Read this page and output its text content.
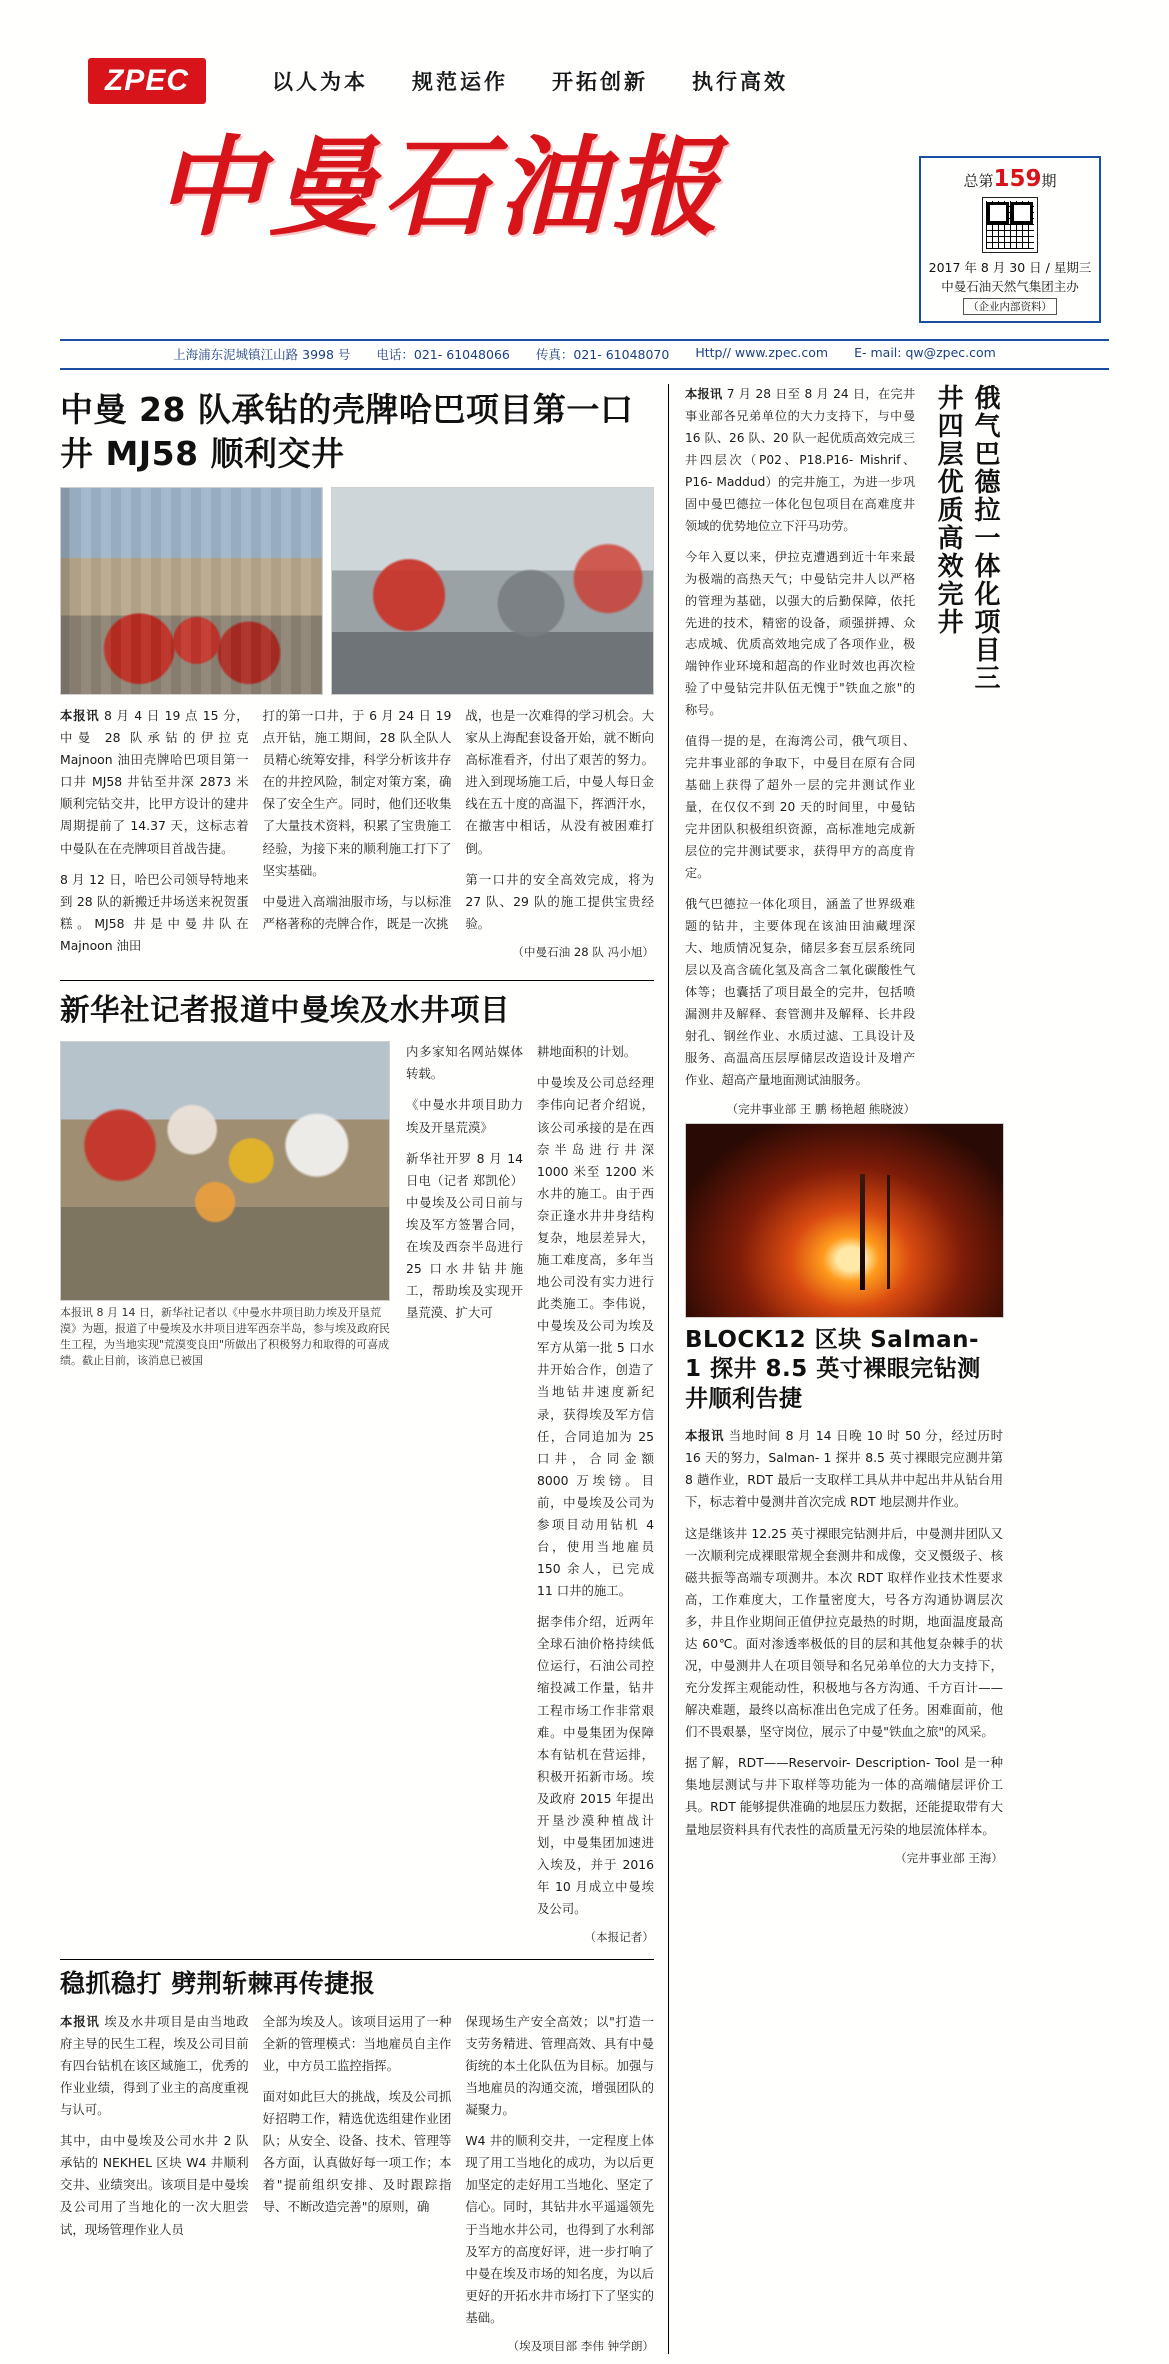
ZPEC	以人为本 规范运作 开拓创新 执行高效
中曼石油报	总第159期
2017 年 8 月 30 日 / 星期三
中曼石油天然气集团主办
（企业内部资料）
上海浦东泥城镇江山路 3998 号 电话：021- 61048066 传真：021- 61048070 Http// www.zpec.com E- mail: qw@zpec.com
中曼 28 队承钻的壳牌哈巴项目第一口井 MJ58 顺利交井

本报讯 8 月 4 日 19 点 15 分，中曼 28 队承钻的伊拉克 Majnoon 油田壳牌哈巴项目第一口井 MJ58 井钻至井深 2873 米顺利完钻交井，比甲方设计的建井周期提前了 14.37 天，这标志着中曼队在在壳牌项目首战告捷。

8 月 12 日，哈巴公司领导特地来到 28 队的新搬迁井场送来祝贺蛋糕。MJ58 井是中曼井队在 Majnoon 油田

打的第一口井，于 6 月 24 日 19 点开钻，施工期间，28 队全队人员精心统筹安排，科学分析该井存在的井控风险，制定对策方案，确保了安全生产。同时，他们还收集了大量技术资料，积累了宝贵施工经验，为接下来的顺利施工打下了坚实基础。

中曼进入高端油服市场，与以标准严格著称的壳牌合作，既是一次挑

战，也是一次难得的学习机会。大家从上海配套设备开始，就不断向高标准看齐，付出了艰苦的努力。进入到现场施工后，中曼人每日金线在五十度的高温下，挥洒汗水，在撤害中相话，从没有被困难打倒。

第一口井的安全高效完成，将为 27 队、29 队的施工提供宝贵经验。

（中曼石油 28 队 冯小旭）
新华社记者报道中曼埃及水井项目
本报讯 8 月 14 日，新华社记者以《中曼水井项目助力埃及开垦荒漠》为题，报道了中曼埃及水井项目进军西奈半岛，参与埃及政府民生工程，为当地实现"荒漠变良田"所做出了积极努力和取得的可喜成绩。截止目前，该消息已被国

内多家知名网站媒体转载。

《中曼水井项目助力埃及开垦荒漠》

新华社开罗 8 月 14 日电（记者 郑凯伦）中曼埃及公司日前与埃及军方签署合同，在埃及西奈半岛进行 25 口水井钻井施工，帮助埃及实现开垦荒漠、扩大可

耕地面积的计划。

中曼埃及公司总经理李伟向记者介绍说，该公司承接的是在西奈半岛进行井深 1000 米至 1200 米水井的施工。由于西奈正逢水井井身结构复杂，地层差异大，施工难度高，多年当地公司没有实力进行此类施工。李伟说，中曼埃及公司为埃及军方从第一批 5 口水井开始合作，创造了当地钻井速度新纪录，获得埃及军方信任，合同追加为 25 口井，合同金额 8000 万埃镑。目前，中曼埃及公司为参项目动用钻机 4 台，使用当地雇员 150 余人，已完成 11 口井的施工。

据李伟介绍，近两年全球石油价格持续低位运行，石油公司控缩投减工作量，钻井工程市场工作非常艰难。中曼集团为保障本有钻机在营运排，积极开拓新市场。埃及政府 2015 年提出开垦沙漠种植战计划，中曼集团加速进入埃及，并于 2016 年 10 月成立中曼埃及公司。

（本报记者）
稳抓稳打 劈荆斩棘再传捷报

本报讯 埃及水井项目是由当地政府主导的民生工程，埃及公司目前有四台钻机在该区域施工，优秀的作业业绩，得到了业主的高度重视与认可。

其中，由中曼埃及公司水井 2 队承钻的 NEKHEL 区块 W4 井顺利交井、业绩突出。该项目是中曼埃及公司用了当地化的一次大胆尝试，现场管理作业人员

全部为埃及人。该项目运用了一种全新的管理模式：当地雇员自主作业，中方员工监控指挥。

面对如此巨大的挑战，埃及公司抓好招聘工作，精选优选组建作业团队；从安全、设备、技术、管理等各方面，认真做好每一项工作；本着"提前组织安排、及时跟踪指导、不断改造完善"的原则，确

保现场生产安全高效；以"打造一支劳务精进、管理高效、具有中曼街统的本土化队伍为目标。加强与当地雇员的沟通交流，增强团队的凝聚力。

W4 井的顺利交井，一定程度上体现了用工当地化的成功，为以后更加坚定的走好用工当地化、坚定了信心。同时，其钻井水平遥遥领先于当地水井公司，也得到了水利部及军方的高度好评，进一步打响了中曼在埃及市场的知名度，为以后更好的开拓水井市场打下了坚实的基础。

（埃及项目部 李伟 钟学朗）

本报讯 7 月 28 日至 8 月 24 日，在完井事业部各兄弟单位的大力支持下，与中曼 16 队、26 队、20 队一起优质高效完成三井四层次（P02、P18.P16- Mishrif、P16- Maddud）的完井施工，为进一步巩固中曼巴德拉一体化包包项目在高难度井领域的优势地位立下汗马功劳。

今年入夏以来，伊拉克遭遇到近十年来最为极端的高热天气；中曼钻完井人以严格的管理为基础，以强大的后勤保障，依托先进的技术，精密的设备，顽强拼搏、众志成城、优质高效地完成了各项作业，极端钟作业环境和超高的作业时效也再次检验了中曼钻完井队伍无愧于"铁血之旅"的称号。

值得一提的是，在海湾公司，俄气项目、完井事业部的争取下，中曼目在原有合同基础上获得了超外一层的完井测试作业量，在仅仅不到 20 天的时间里，中曼钻完井团队积极组织资源，高标准地完成新层位的完井测试要求，获得甲方的高度肯定。

俄气巴德拉一体化项目，涵盖了世界级难题的钻井，主要体现在该油田油藏埋深大、地质情况复杂，储层多套互层系统同层以及高含硫化氢及高含二氧化碳酸性气体等；也囊括了项目最全的完井，包括喷漏测井及解释、套管测井及解释、长井段射孔、钢丝作业、水质过滤、工具设计及服务、高温高压层厚储层改造设计及增产作业、超高产量地面测试油服务。

（完井事业部 王 鹏 杨艳超 熊晓波）
俄气巴德拉一体化项目三井四层优质高效完井
BLOCK12 区块 Salman- 1 探井 8.5 英寸裸眼完钻测井顺利告捷

本报讯 当地时间 8 月 14 日晚 10 时 50 分，经过历时 16 天的努力，Salman- 1 探井 8.5 英寸裸眼完应测井第 8 趟作业，RDT 最后一支取样工具从井中起出井从钻台用下，标志着中曼测井首次完成 RDT 地层测井作业。

这是继该井 12.25 英寸裸眼完钻测井后，中曼测井团队又一次顺利完成裸眼常规全套测井和成像，交叉慑级子、核磁共振等高端专项测井。本次 RDT 取样作业技术性要求高，工作难度大，工作量密度大，号各方沟通协调层次多，井且作业期间正值伊拉克最热的时期，地面温度最高达 60℃。面对渗透率极低的目的层和其他复杂棘手的状况，中曼测井人在项目领导和名兄弟单位的大力支持下，充分发挥主观能动性，积极地与各方沟通、千方百计——解决难题，最终以高标准出色完成了任务。困难面前，他们不畏艰暴，坚守岗位，展示了中曼"铁血之旅"的风采。

据了解，RDT——Reservoir- Description- Tool 是一种集地层测试与井下取样等功能为一体的高端储层评价工具。RDT 能够提供准确的地层压力数据，还能提取带有大量地层资料具有代表性的高质量无污染的地层流体样本。

（完井事业部 王海）
